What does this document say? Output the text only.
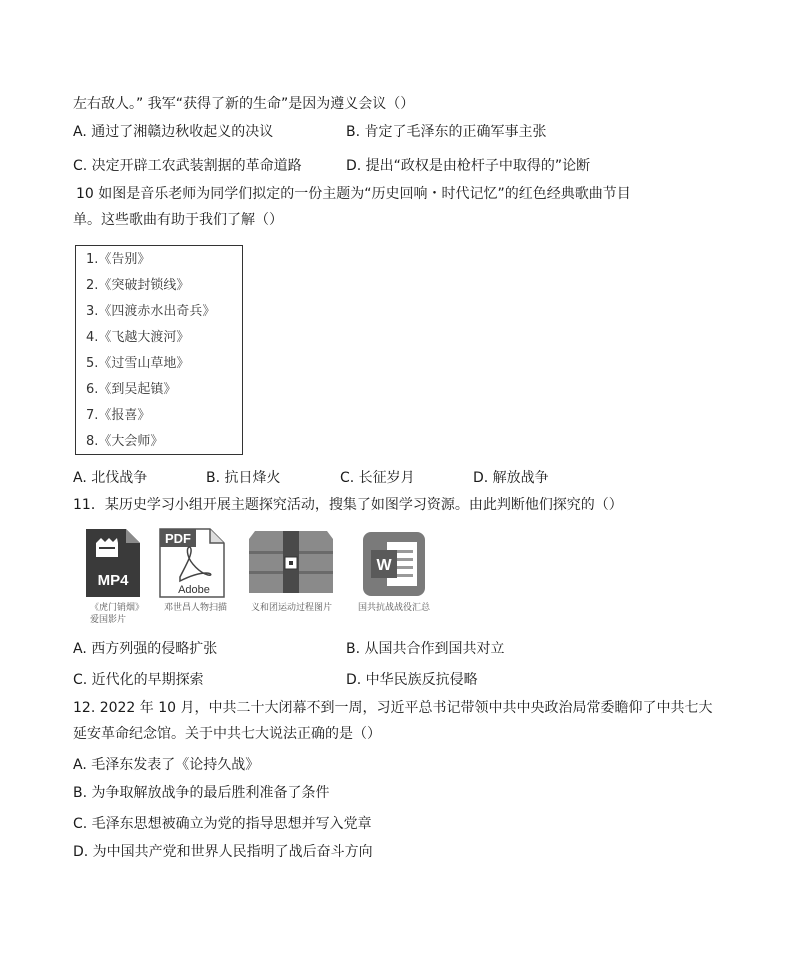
左右敌人。” 我军“获得了新的生命”是因为遵义会议（）
A. 通过了湘赣边秋收起义的决议	B. 肯定了毛泽东的正确军事主张
C. 决定开辟工农武装割据的革命道路	D. 提出“政权是由枪杆子中取得的”论断
10 如图是音乐老师为同学们拟定的一份主题为“历史回响・时代记忆”的红色经典歌曲节目
单。这些歌曲有助于我们了解（）
1.《告别》
2.《突破封锁线》
3.《四渡赤水出奇兵》
4.《飞越大渡河》
5.《过雪山草地》
6.《到吴起镇》
7.《报喜》
8.《大会师》
A. 北伐战争	B. 抗日烽火	C. 长征岁月	D. 解放战争
11．某历史学习小组开展主题探究活动，搜集了如图学习资源。由此判断他们探究的（）
MP4
《虎门销烟》
爱国影片
PDF
Adobe
邓世昌人物扫描	义和团运动过程图片
W
国共抗战战役汇总
A. 西方列强的侵略扩张	B. 从国共合作到国共对立
C. 近代化的早期探索	D. 中华民族反抗侵略
12. 2022 年 10 月，中共二十大闭幕不到一周，习近平总书记带领中共中央政治局常委瞻仰了中共七大
延安革命纪念馆。关于中共七大说法正确的是（）
A. 毛泽东发表了《论持久战》
B. 为争取解放战争的最后胜利准备了条件
C. 毛泽东思想被确立为党的指导思想并写入党章
D. 为中国共产党和世界人民指明了战后奋斗方向
